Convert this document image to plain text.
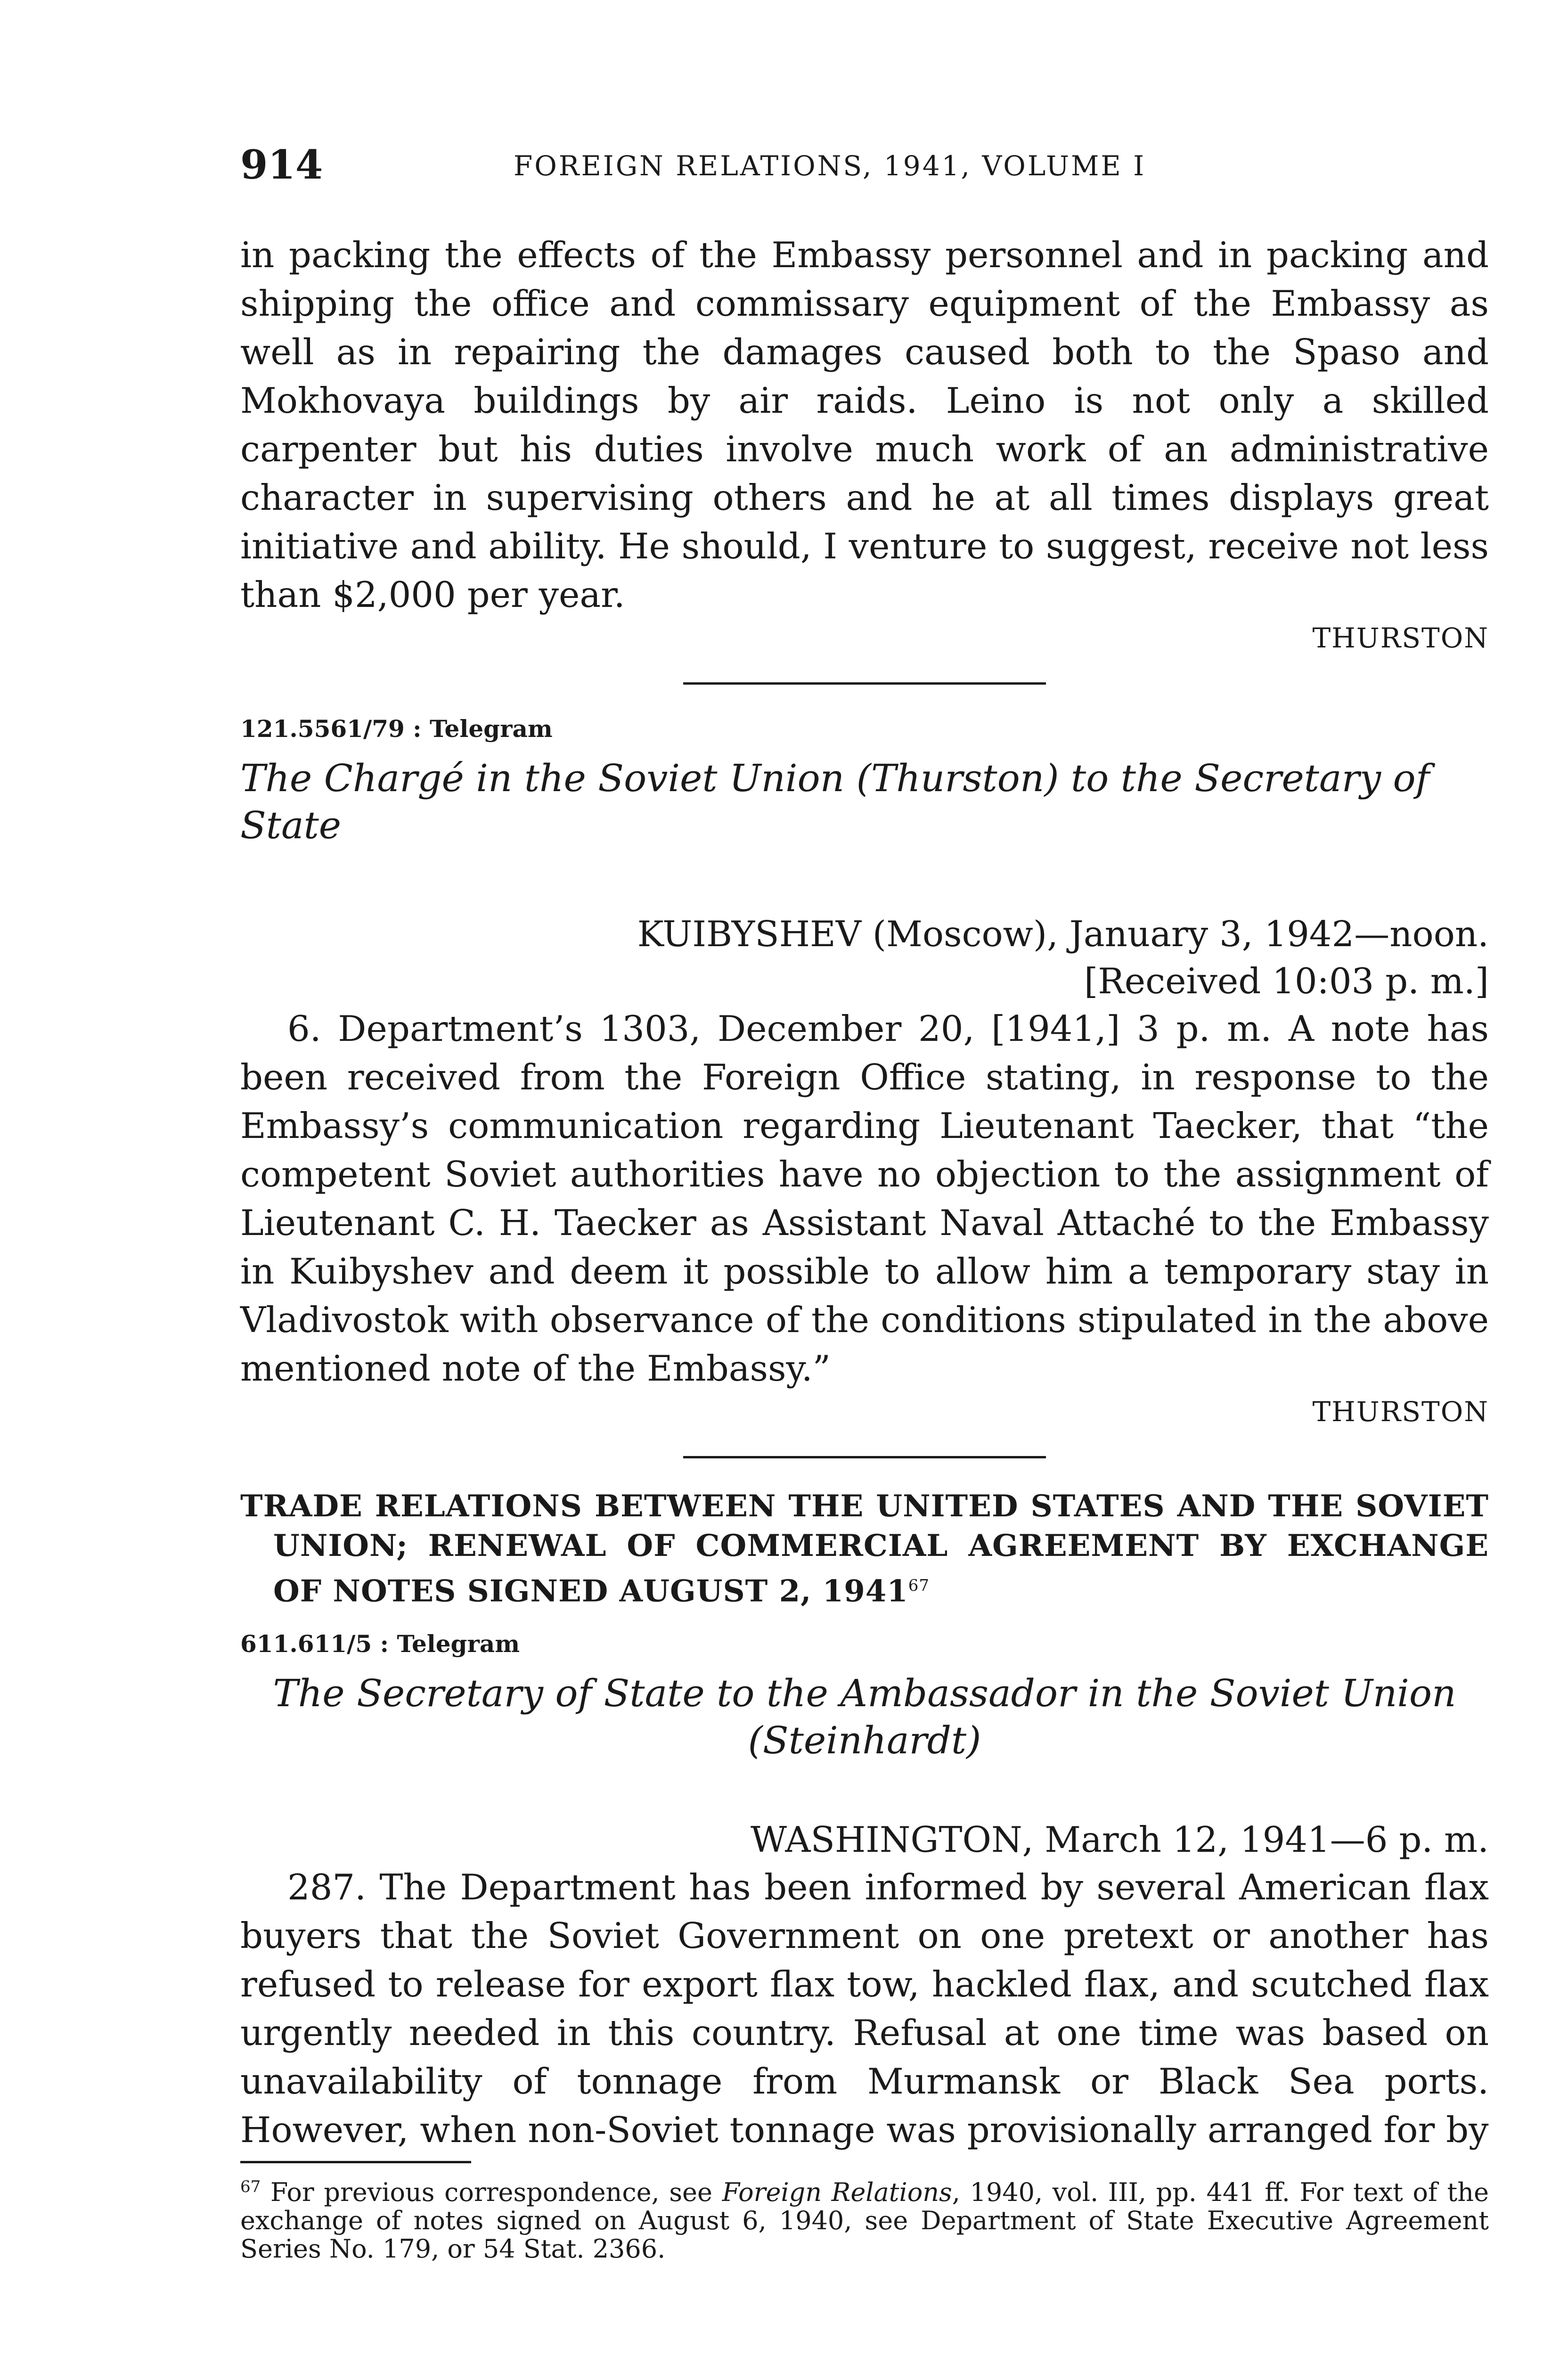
914	FOREIGN RELATIONS, 1941, VOLUME I

in packing the effects of the Embassy personnel and in packing and shipping the office and commissary equipment of the Embassy as well as in repairing the damages caused both to the Spaso and Mokhovaya buildings by air raids. Leino is not only a skilled carpenter but his duties involve much work of an administrative character in supervising others and he at all times displays great initiative and ability. He should, I venture to suggest, receive not less than $2,000 per year.

THURSTON

121.5561/79 : Telegram

The Chargé in the Soviet Union (Thurston) to the Secretary of State

KUIBYSHEV (Moscow), January 3, 1942—noon.

[Received 10:03 p. m.]

6. Department’s 1303, December 20, [1941,] 3 p. m. A note has been received from the Foreign Office stating, in response to the Embassy’s communication regarding Lieutenant Taecker, that “the competent Soviet authorities have no objection to the assignment of Lieutenant C. H. Taecker as Assistant Naval Attaché to the Embassy in Kuibyshev and deem it possible to allow him a temporary stay in Vladivostok with observance of the conditions stipulated in the above mentioned note of the Embassy.”

THURSTON

TRADE RELATIONS BETWEEN THE UNITED STATES AND THE SOVIET UNION; RENEWAL OF COMMERCIAL AGREEMENT BY EXCHANGE OF NOTES SIGNED AUGUST 2, 1941$^{67}$

611.611/5 : Telegram

The Secretary of State to the Ambassador in the Soviet Union
(Steinhardt)

WASHINGTON, March 12, 1941—6 p. m.

287. The Department has been informed by several American flax buyers that the Soviet Government on one pretext or another has refused to release for export flax tow, hackled flax, and scutched flax urgently needed in this country. Refusal at one time was based on unavailability of tonnage from Murmansk or Black Sea ports. However, when non-Soviet tonnage was provisionally arranged for by

$^{67}$ For previous correspondence, see Foreign Relations, 1940, vol. III, pp. 441 ff. For text of the exchange of notes signed on August 6, 1940, see Department of State Executive Agreement Series No. 179, or 54 Stat. 2366.
